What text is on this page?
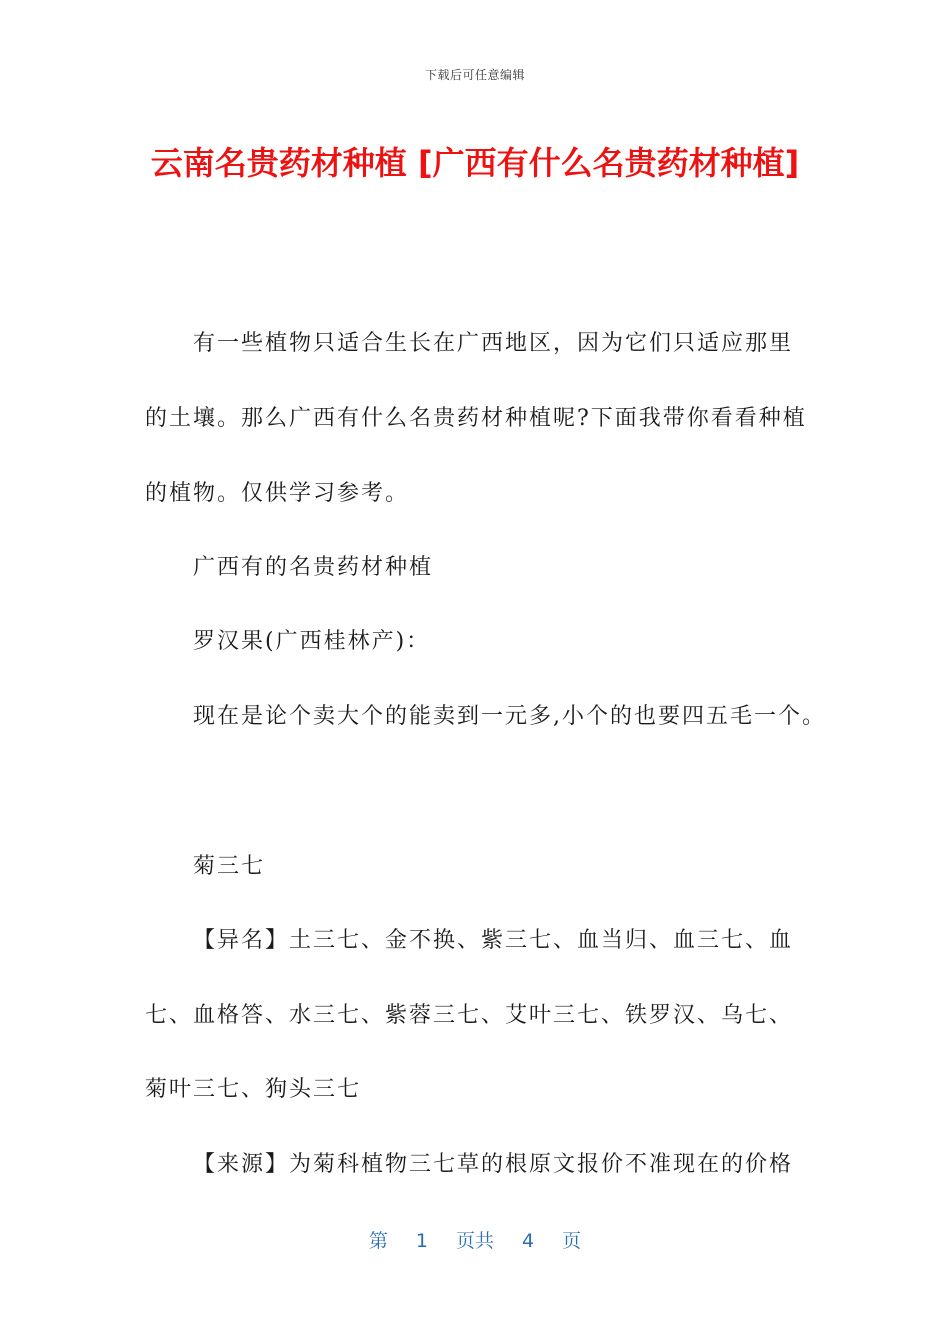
下载后可任意编辑
云南名贵药材种植 [广西有什么名贵药材种植]
有一些植物只适合生长在广西地区，因为它们只适应那里
的土壤。那么广西有什么名贵药材种植呢?下面我带你看看种植
的植物。仅供学习参考。
广西有的名贵药材种植
罗汉果(广西桂林产)：
现在是论个卖大个的能卖到一元多,小个的也要四五毛一个。
菊三七
【异名】土三七、金不换、紫三七、血当归、血三七、血
七、血格答、水三七、紫蓉三七、艾叶三七、铁罗汉、乌七、
菊叶三七、狗头三七
【来源】为菊科植物三七草的根原文报价不准现在的价格
第 1 页共 4 页
